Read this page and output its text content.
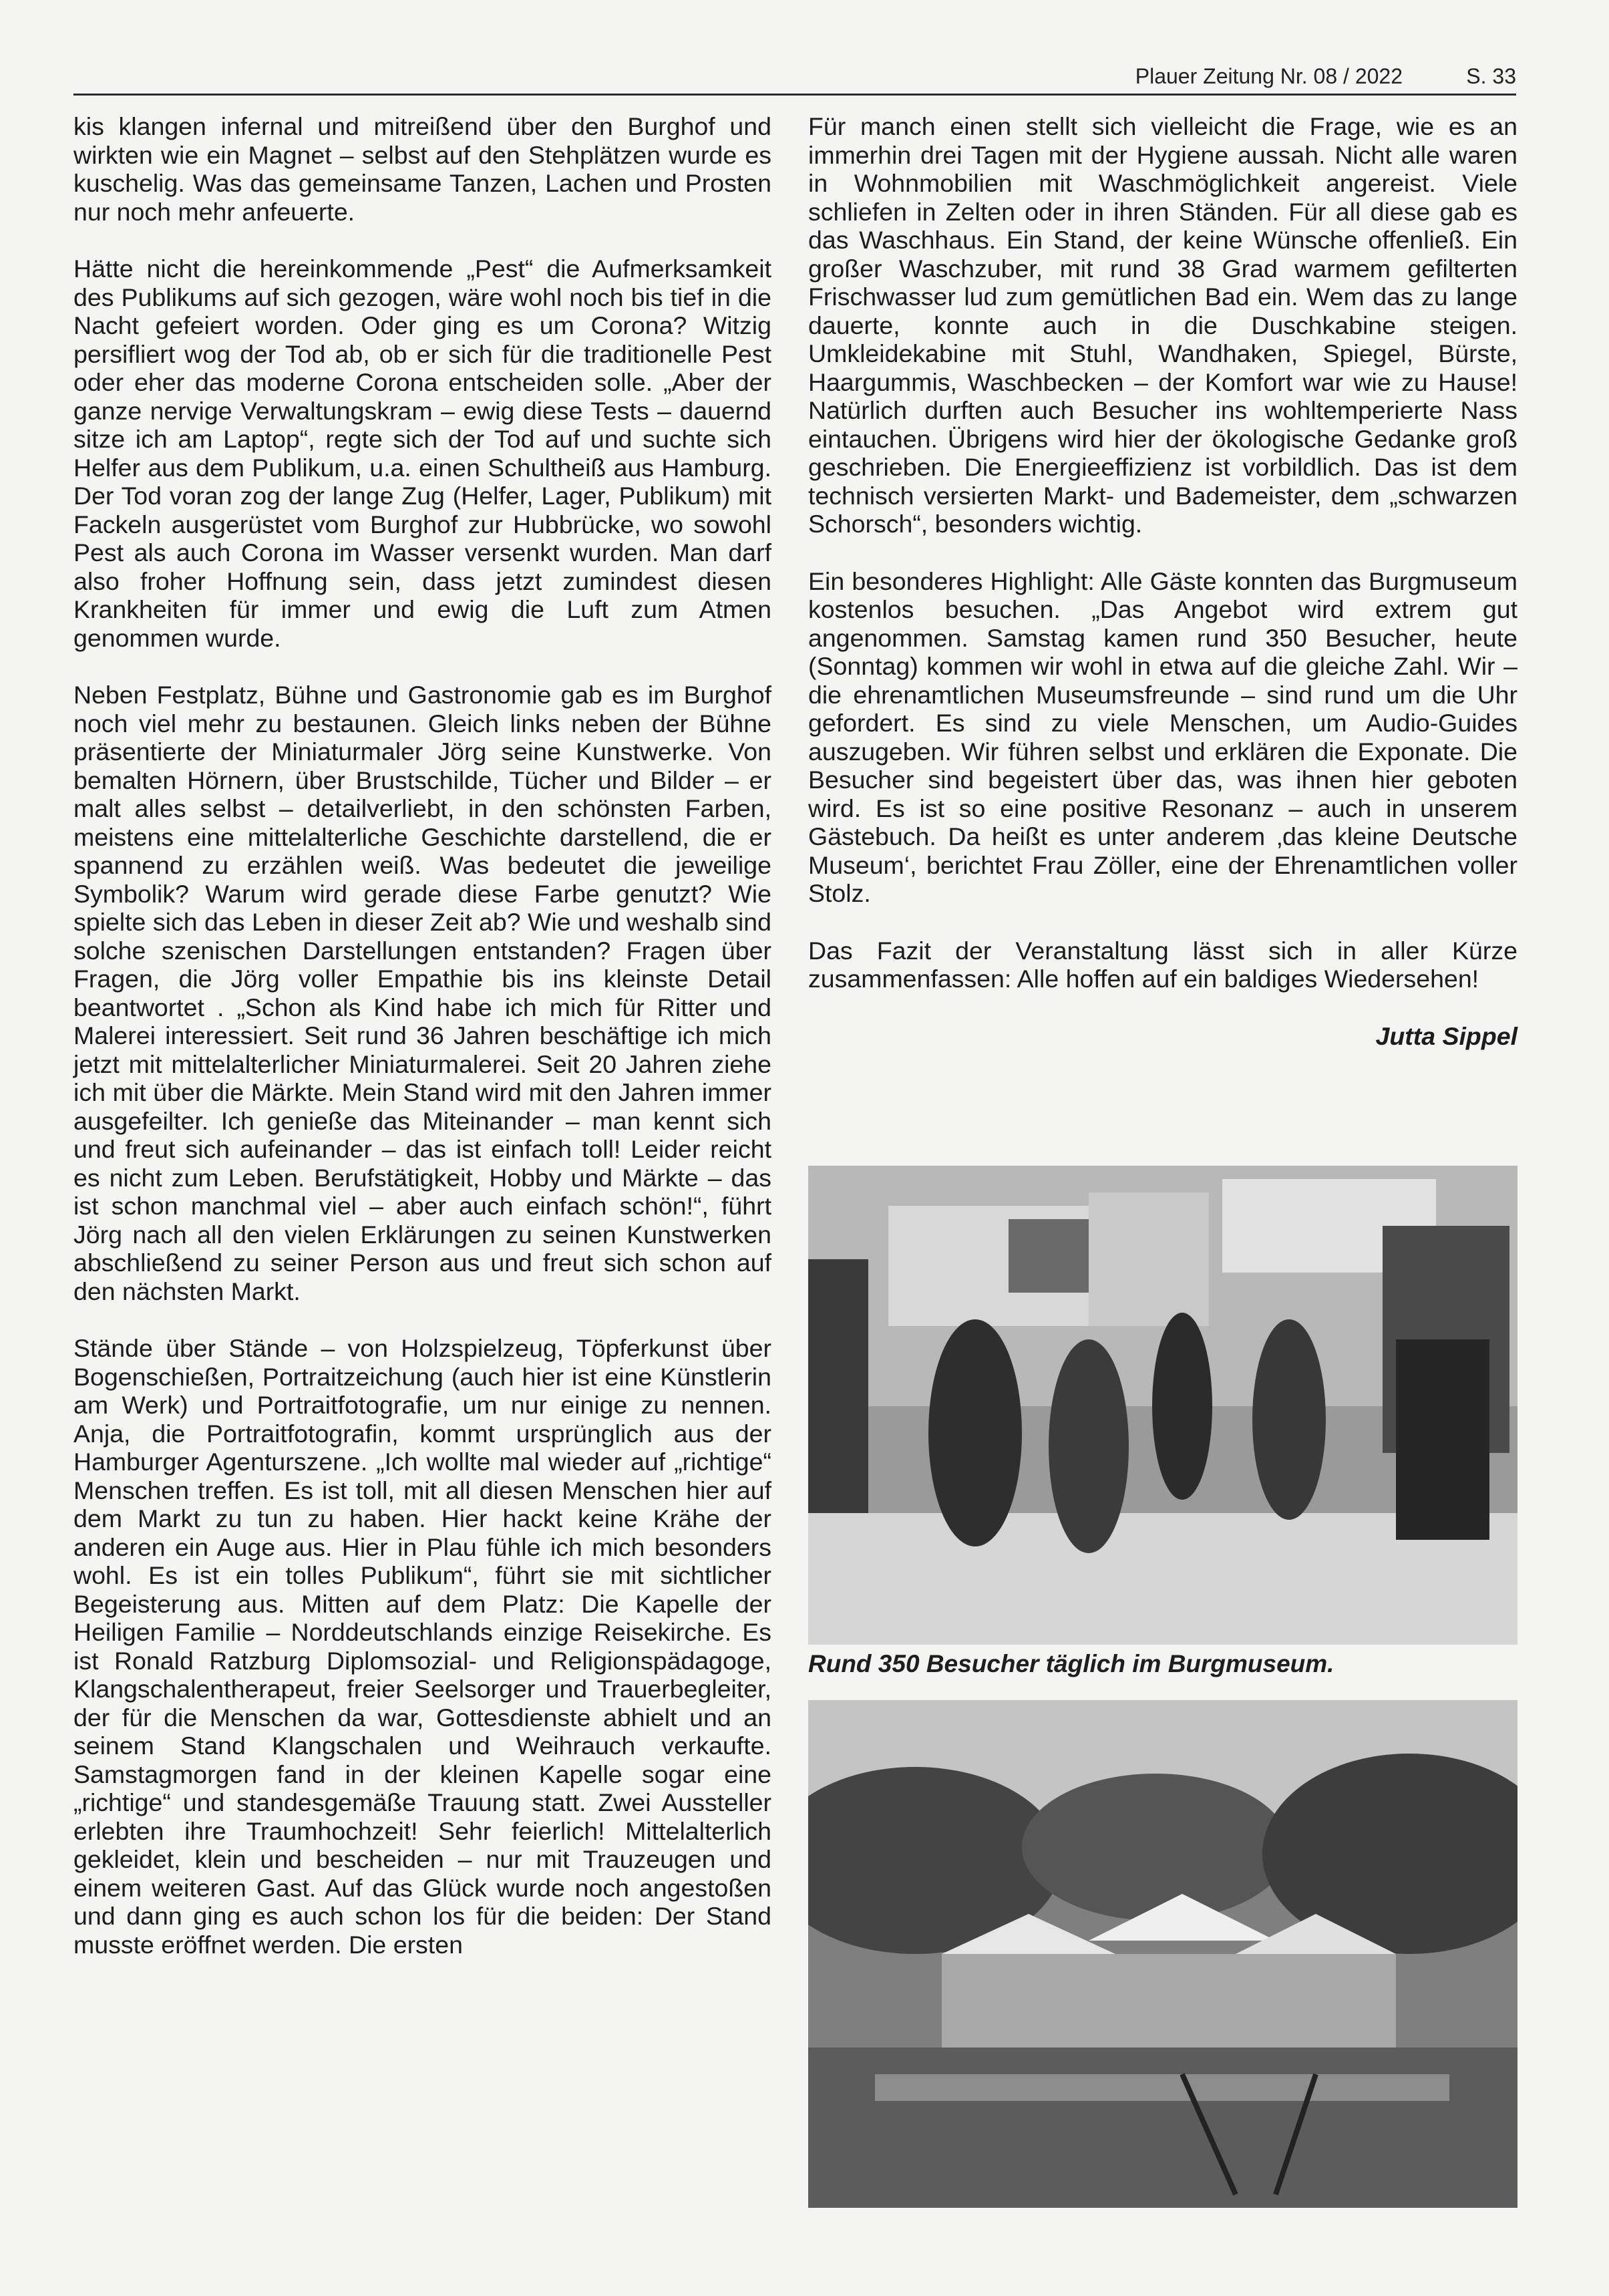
Plauer Zeitung Nr. 08 / 2022	S. 33

kis klangen infernal und mitreißend über den Burghof und wirkten wie ein Magnet – selbst auf den Stehplätzen wurde es kuschelig. Was das gemeinsame Tanzen, Lachen und Prosten nur noch mehr anfeuerte.

Hätte nicht die hereinkommende „Pest“ die Aufmerksamkeit des Publikums auf sich gezogen, wäre wohl noch bis tief in die Nacht gefeiert worden. Oder ging es um Corona? Witzig persifliert wog der Tod ab, ob er sich für die traditionelle Pest oder eher das moderne Corona entscheiden solle. „Aber der ganze nervige Verwaltungskram – ewig diese Tests – dauernd sitze ich am Laptop“, regte sich der Tod auf und suchte sich Helfer aus dem Publikum, u.a. einen Schultheiß aus Hamburg. Der Tod voran zog der lange Zug (Helfer, Lager, Publikum) mit Fackeln ausgerüstet vom Burghof zur Hubbrücke, wo sowohl Pest als auch Corona im Wasser versenkt wurden. Man darf also froher Hoffnung sein, dass jetzt zumindest diesen Krankheiten für immer und ewig die Luft zum Atmen genommen wurde.

Neben Festplatz, Bühne und Gastronomie gab es im Burghof noch viel mehr zu bestaunen. Gleich links neben der Bühne präsentierte der Miniaturmaler Jörg seine Kunstwerke. Von bemalten Hörnern, über Brustschilde, Tücher und Bilder – er malt alles selbst – detailverliebt, in den schönsten Farben, meistens eine mittelalterliche Geschichte darstellend, die er spannend zu erzählen weiß. Was bedeutet die jeweilige Symbolik? Warum wird gerade diese Farbe genutzt? Wie spielte sich das Leben in dieser Zeit ab? Wie und weshalb sind solche szenischen Darstellungen entstanden? Fragen über Fragen, die Jörg voller Empathie bis ins kleinste Detail beantwortet . „Schon als Kind habe ich mich für Ritter und Malerei interessiert. Seit rund 36 Jahren beschäftige ich mich jetzt mit mittelalterlicher Miniaturmalerei. Seit 20 Jahren ziehe ich mit über die Märkte. Mein Stand wird mit den Jahren immer ausgefeilter. Ich genieße das Miteinander – man kennt sich und freut sich aufeinander – das ist einfach toll! Leider reicht es nicht zum Leben. Berufstätigkeit, Hobby und Märkte – das ist schon manchmal viel – aber auch einfach schön!“, führt Jörg nach all den vielen Erklärungen zu seinen Kunstwerken abschließend zu seiner Person aus und freut sich schon auf den nächsten Markt.

Stände über Stände – von Holzspielzeug, Töpferkunst über Bogenschießen, Portraitzeichung (auch hier ist eine Künstlerin am Werk) und Portraitfotografie, um nur einige zu nennen. Anja, die Portraitfotografin, kommt ursprünglich aus der Hamburger Agenturszene. „Ich wollte mal wieder auf „richtige“ Menschen treffen. Es ist toll, mit all diesen Menschen hier auf dem Markt zu tun zu haben. Hier hackt keine Krähe der anderen ein Auge aus. Hier in Plau fühle ich mich besonders wohl. Es ist ein tolles Publikum“, führt sie mit sichtlicher Begeisterung aus. Mitten auf dem Platz: Die Kapelle der Heiligen Familie – Norddeutschlands einzige Reisekirche. Es ist Ronald Ratzburg Diplomsozial- und Religionspädagoge, Klangschalentherapeut, freier Seelsorger und Trauerbegleiter, der für die Menschen da war, Gottesdienste abhielt und an seinem Stand Klangschalen und Weihrauch verkaufte. Samstagmorgen fand in der kleinen Kapelle sogar eine „richtige“ und standesgemäße Trauung statt. Zwei Aussteller erlebten ihre Traumhochzeit! Sehr feierlich! Mittelalterlich gekleidet, klein und bescheiden – nur mit Trauzeugen und einem weiteren Gast. Auf das Glück wurde noch angestoßen und dann ging es auch schon los für die beiden: Der Stand musste eröffnet werden. Die ersten

Für manch einen stellt sich vielleicht die Frage, wie es an immerhin drei Tagen mit der Hygiene aussah. Nicht alle waren in Wohnmobilien mit Waschmöglichkeit angereist. Viele schliefen in Zelten oder in ihren Ständen. Für all diese gab es das Waschhaus. Ein Stand, der keine Wünsche offenließ. Ein großer Waschzuber, mit rund 38 Grad warmem gefilterten Frischwasser lud zum gemütlichen Bad ein. Wem das zu lange dauerte, konnte auch in die Duschkabine steigen. Umkleidekabine mit Stuhl, Wandhaken, Spiegel, Bürste, Haargummis, Waschbecken – der Komfort war wie zu Hause! Natürlich durften auch Besucher ins wohltemperierte Nass eintauchen. Übrigens wird hier der ökologische Gedanke groß geschrieben. Die Energieeffizienz ist vorbildlich. Das ist dem technisch versierten Markt- und Bademeister, dem „schwarzen Schorsch“, besonders wichtig.

Ein besonderes Highlight: Alle Gäste konnten das Burgmuseum kostenlos besuchen. „Das Angebot wird extrem gut angenommen. Samstag kamen rund 350 Besucher, heute (Sonntag) kommen wir wohl in etwa auf die gleiche Zahl. Wir – die ehrenamtlichen Museumsfreunde – sind rund um die Uhr gefordert. Es sind zu viele Menschen, um Audio-Guides auszugeben. Wir führen selbst und erklären die Exponate. Die Besucher sind begeistert über das, was ihnen hier geboten wird. Es ist so eine positive Resonanz – auch in unserem Gästebuch. Da heißt es unter anderem ‚das kleine Deutsche Museum‘, berichtet Frau Zöller, eine der Ehrenamtlichen voller Stolz.

Das Fazit der Veranstaltung lässt sich in aller Kürze zusammenfassen: Alle hoffen auf ein baldiges Wiedersehen!

Jutta Sippel

Rund 350 Besucher täglich im Burgmuseum.
